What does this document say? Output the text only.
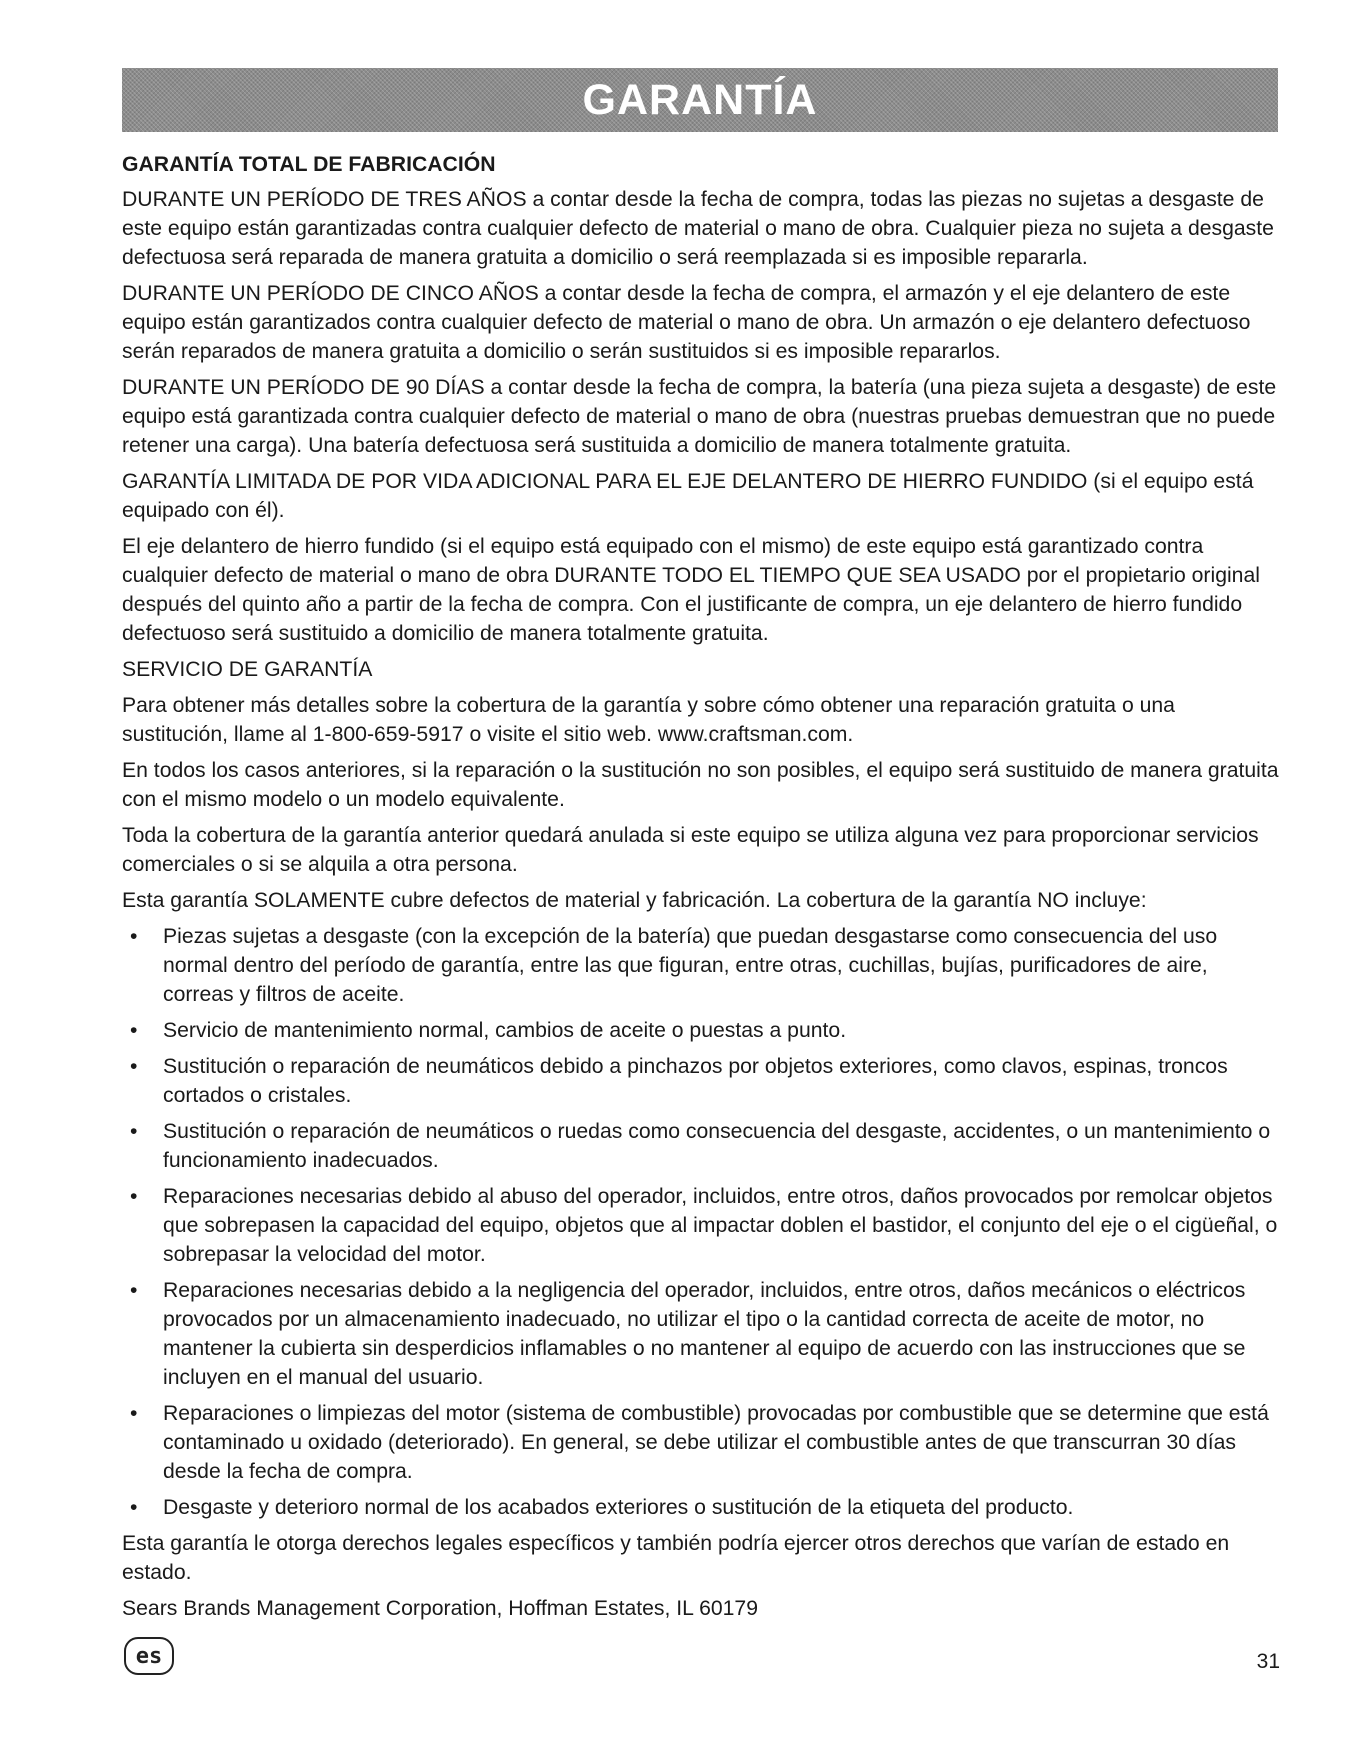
GARANTÍA
GARANTÍA TOTAL DE FABRICACIÓN

DURANTE UN PERÍODO DE TRES AÑOS a contar desde la fecha de compra, todas las piezas no sujetas a desgaste de este equipo están garantizadas contra cualquier defecto de material o mano de obra. Cualquier pieza no sujeta a desgaste defectuosa será reparada de manera gratuita a domicilio o será reemplazada si es imposible repararla.

DURANTE UN PERÍODO DE CINCO AÑOS a contar desde la fecha de compra, el armazón y el eje delantero de este equipo están garantizados contra cualquier defecto de material o mano de obra. Un armazón o eje delantero defectuoso serán reparados de manera gratuita a domicilio o serán sustituidos si es imposible repararlos.

DURANTE UN PERÍODO DE 90 DÍAS a contar desde la fecha de compra, la batería (una pieza sujeta a desgaste) de este equipo está garantizada contra cualquier defecto de material o mano de obra (nuestras pruebas demuestran que no puede retener una carga). Una batería defectuosa será sustituida a domicilio de manera totalmente gratuita.

GARANTÍA LIMITADA DE POR VIDA ADICIONAL PARA EL EJE DELANTERO DE HIERRO FUNDIDO (si el equipo está equipado con él).

El eje delantero de hierro fundido (si el equipo está equipado con el mismo) de este equipo está garantizado contra cualquier defecto de material o mano de obra DURANTE TODO EL TIEMPO QUE SEA USADO por el propietario original después del quinto año a partir de la fecha de compra. Con el justificante de compra, un eje delantero de hierro fundido defectuoso será sustituido a domicilio de manera totalmente gratuita.

SERVICIO DE GARANTÍA

Para obtener más detalles sobre la cobertura de la garantía y sobre cómo obtener una reparación gratuita o una sustitución, llame al 1-800-659-5917 o visite el sitio web. www.craftsman.com.

En todos los casos anteriores, si la reparación o la sustitución no son posibles, el equipo será sustituido de manera gratuita con el mismo modelo o un modelo equivalente.

Toda la cobertura de la garantía anterior quedará anulada si este equipo se utiliza alguna vez para proporcionar servicios comerciales o si se alquila a otra persona.

Esta garantía SOLAMENTE cubre defectos de material y fabricación. La cobertura de la garantía NO incluye:

• Piezas sujetas a desgaste (con la excepción de la batería) que puedan desgastarse como consecuencia del uso normal dentro del período de garantía, entre las que figuran, entre otras, cuchillas, bujías, purificadores de aire, correas y filtros de aceite.
• Servicio de mantenimiento normal, cambios de aceite o puestas a punto.
• Sustitución o reparación de neumáticos debido a pinchazos por objetos exteriores, como clavos, espinas, troncos cortados o cristales.
• Sustitución o reparación de neumáticos o ruedas como consecuencia del desgaste, accidentes, o un mantenimiento o funcionamiento inadecuados.
• Reparaciones necesarias debido al abuso del operador, incluidos, entre otros, daños provocados por remolcar objetos que sobrepasen la capacidad del equipo, objetos que al impactar doblen el bastidor, el conjunto del eje o el cigüeñal, o sobrepasar la velocidad del motor.
• Reparaciones necesarias debido a la negligencia del operador, incluidos, entre otros, daños mecánicos o eléctricos provocados por un almacenamiento inadecuado, no utilizar el tipo o la cantidad correcta de aceite de motor, no mantener la cubierta sin desperdicios inflamables o no mantener al equipo de acuerdo con las instrucciones que se incluyen en el manual del usuario.
• Reparaciones o limpiezas del motor (sistema de combustible) provocadas por combustible que se determine que está contaminado u oxidado (deteriorado). En general, se debe utilizar el combustible antes de que transcurran 30 días desde la fecha de compra.
• Desgaste y deterioro normal de los acabados exteriores o sustitución de la etiqueta del producto.

Esta garantía le otorga derechos legales específicos y también podría ejercer otros derechos que varían de estado en estado.

Sears Brands Management Corporation, Hoffman Estates, IL 60179

es	31
